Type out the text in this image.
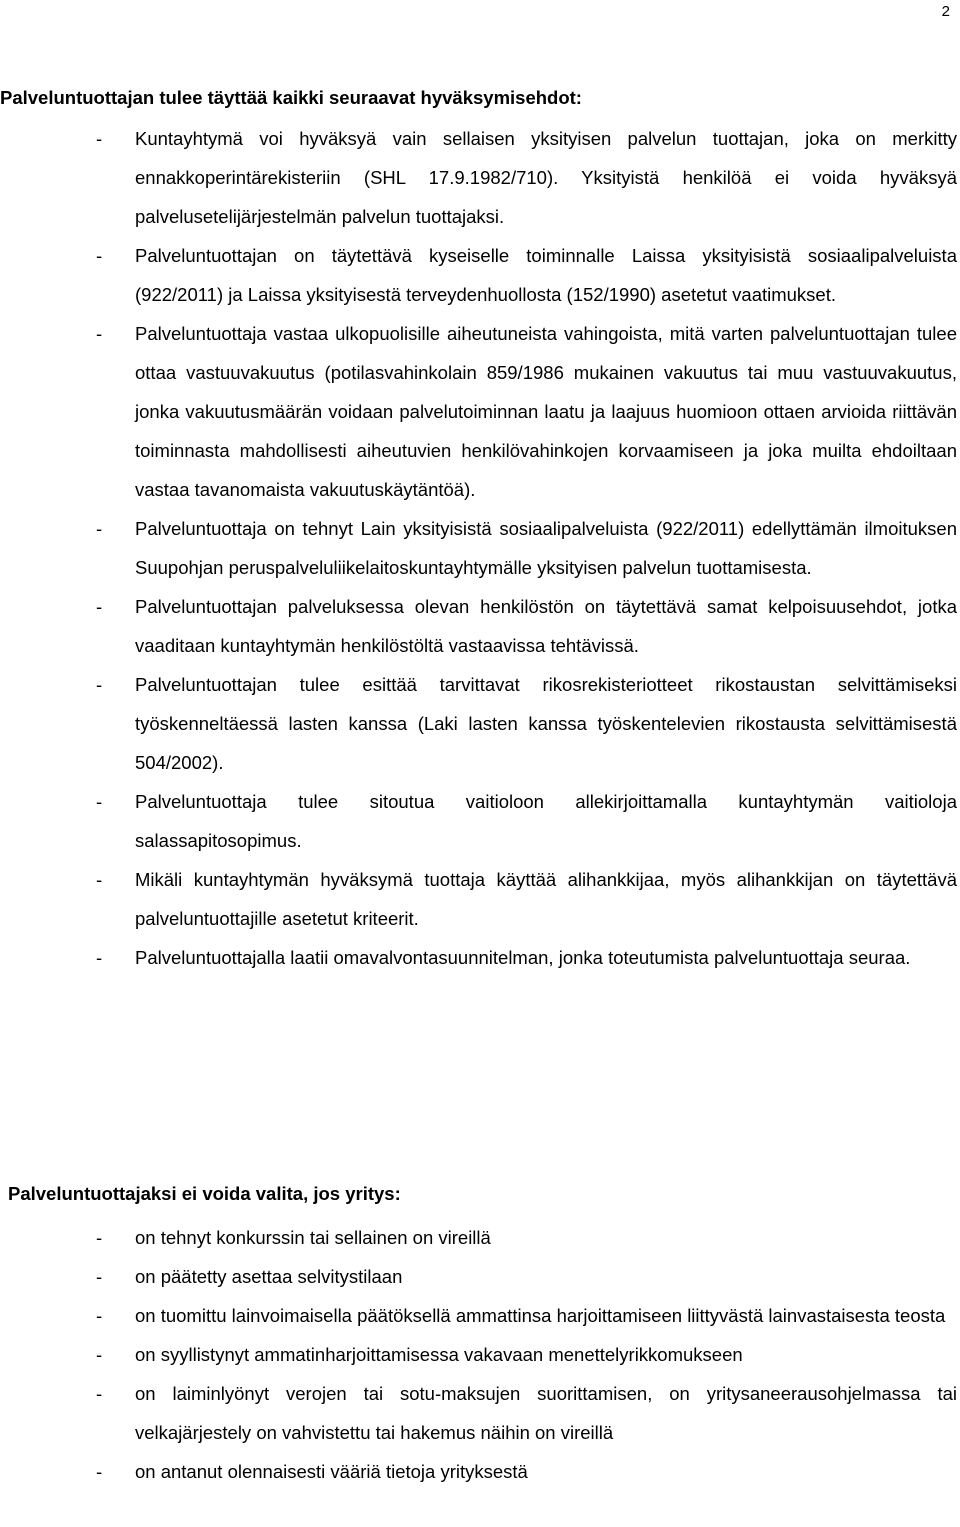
2

Palveluntuottajan tulee täyttää kaikki seuraavat hyväksymisehdot:

- Kuntayhtymä voi hyväksyä vain sellaisen yksityisen palvelun tuottajan, joka on merkitty ennakkoperintärekisteriin (SHL 17.9.1982/710). Yksityistä henkilöä ei voida hyväksyä palvelusetelijärjestelmän palvelun tuottajaksi.
- Palveluntuottajan on täytettävä kyseiselle toiminnalle Laissa yksityisistä sosiaalipalveluista (922/2011) ja Laissa yksityisestä terveydenhuollosta (152/1990) asetetut vaatimukset.
- Palveluntuottaja vastaa ulkopuolisille aiheutuneista vahingoista, mitä varten palveluntuottajan tulee ottaa vastuuvakuutus (potilasvahinkolain 859/1986 mukainen vakuutus tai muu vastuuvakuutus, jonka vakuutusmäärän voidaan palvelutoiminnan laatu ja laajuus huomioon ottaen arvioida riittävän toiminnasta mahdollisesti aiheutuvien henkilövahinkojen korvaamiseen ja joka muilta ehdoiltaan vastaa tavanomaista vakuutuskäytäntöä).
- Palveluntuottaja on tehnyt Lain yksityisistä sosiaalipalveluista (922/2011) edellyttämän ilmoituksen Suupohjan peruspalveluliikelaitoskuntayhtymälle yksityisen palvelun tuottamisesta.
- Palveluntuottajan palveluksessa olevan henkilöstön on täytettävä samat kelpoisuusehdot, jotka vaaditaan kuntayhtymän henkilöstöltä vastaavissa tehtävissä.
- Palveluntuottajan tulee esittää tarvittavat rikosrekisteriotteet rikostaustan selvittämiseksi työskenneltäessä lasten kanssa (Laki lasten kanssa työskentelevien rikostausta selvittämisestä 504/2002).
- Palveluntuottaja tulee sitoutua vaitioloon allekirjoittamalla kuntayhtymän vaitioloja salassapitosopimus.
- Mikäli kuntayhtymän hyväksymä tuottaja käyttää alihankkijaa, myös alihankkijan on täytettävä palveluntuottajille asetetut kriteerit.
- Palveluntuottajalla laatii omavalvontasuunnitelman, jonka toteutumista palveluntuottaja seuraa.

Palveluntuottajaksi ei voida valita, jos yritys:

- on tehnyt konkurssin tai sellainen on vireillä
- on päätetty asettaa selvitystilaan
- on tuomittu lainvoimaisella päätöksellä ammattinsa harjoittamiseen liittyvästä lainvastaisesta teosta
- on syyllistynyt ammatinharjoittamisessa vakavaan menettelyrikkomukseen
- on laiminlyönyt verojen tai sotu-maksujen suorittamisen, on yritysaneerausohjelmassa tai velkajärjestely on vahvistettu tai hakemus näihin on vireillä
- on antanut olennaisesti vääriä tietoja yrityksestä
